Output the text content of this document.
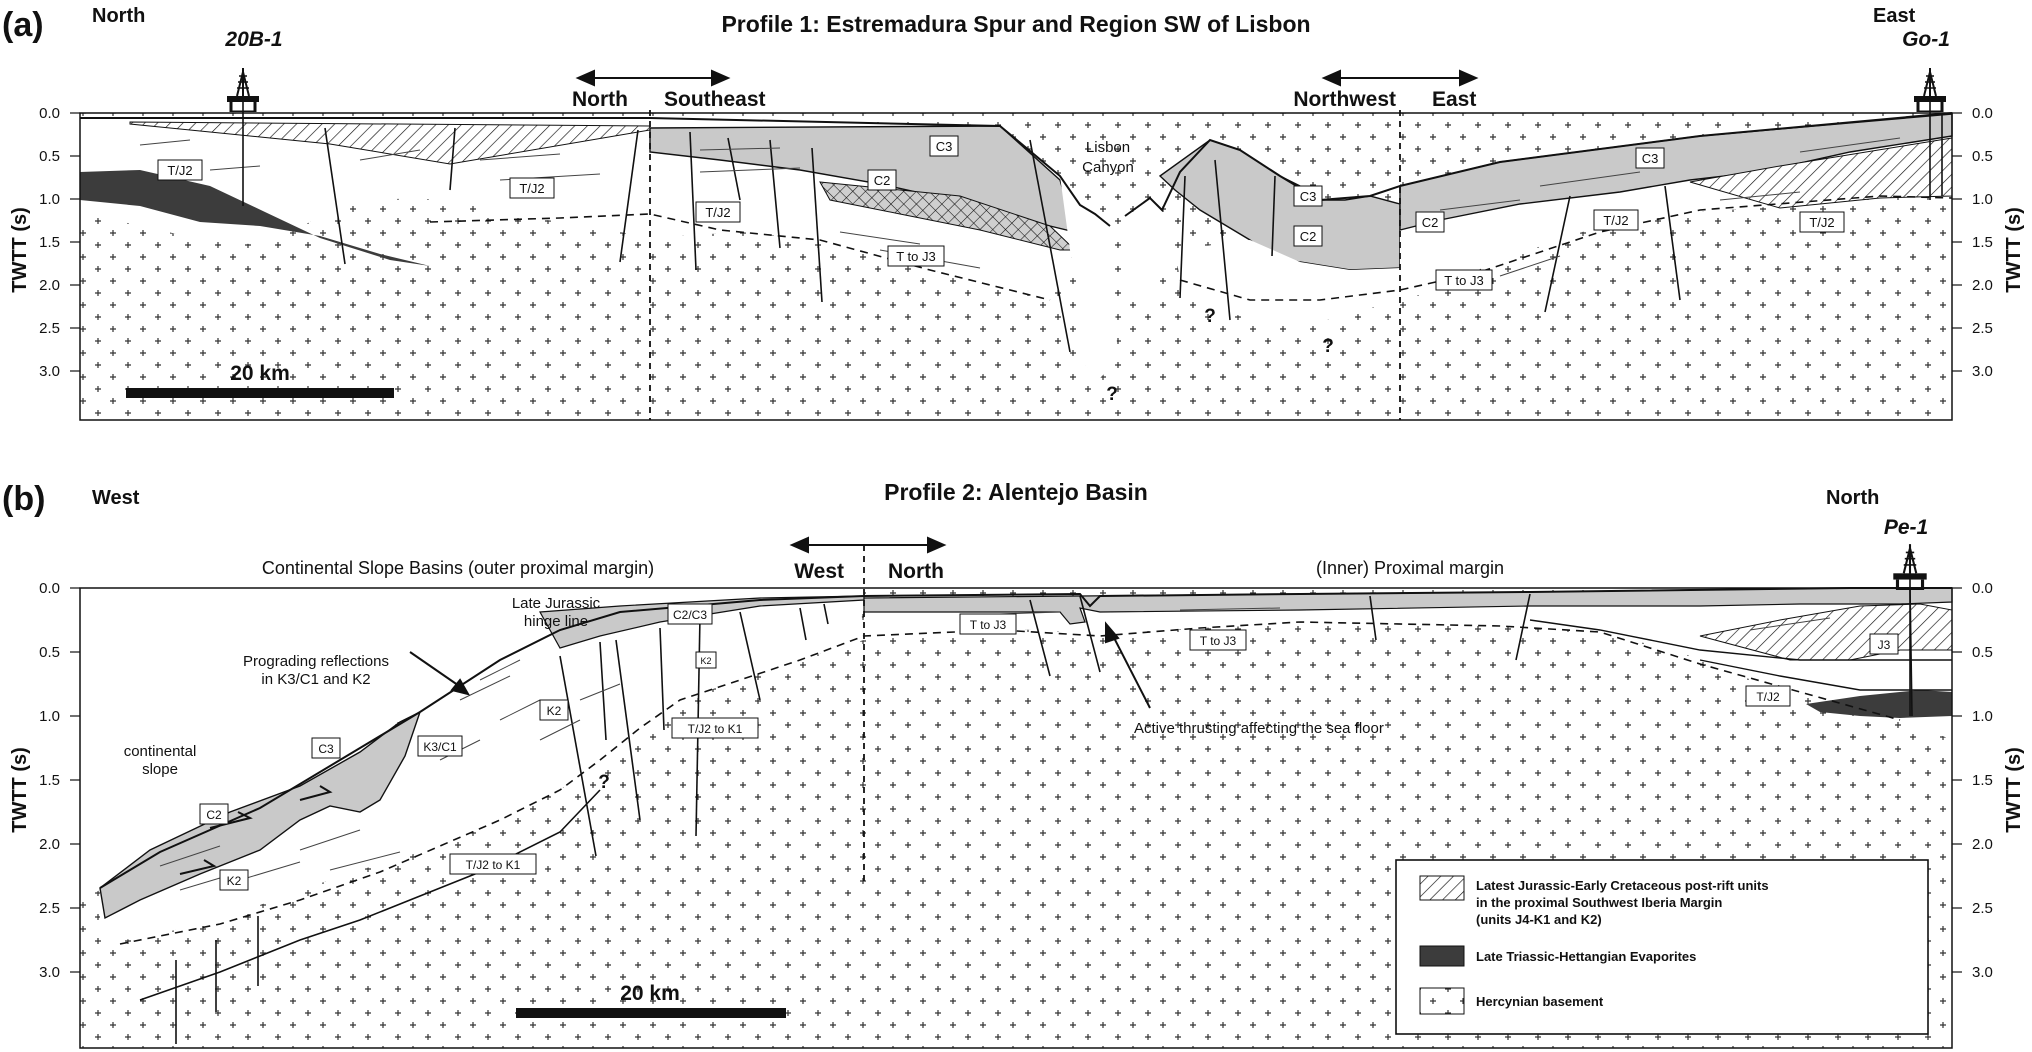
(a)	Profile 1: Estremadura Spur and Region SW of Lisbon
North	East
20B-1	Go-1
North Southeast	Northwest East
Lisbon
Canyon
20 km
?
?
?
T/J2
T/J2
T/J2
T to J3
C3
C2
C3
C2
C2
C3
T/J2	T/J2
T to J3
0.0
0.5
1.0
1.5
2.0
2.5
3.0
TWTT (s)
0.0
0.5
1.0
1.5
2.0
2.5
3.0
TWTT (s)
Latest Jurassic-Early Cretaceous post-rift units
in the proximal Southwest Iberia Margin
(units J4-K1 and K2)
Late Triassic-Hettangian Evaporites
Hercynian basement
(b)	Profile 2: Alentejo Basin
West	North
Pe-1
West North
Continental Slope Basins (outer proximal margin)	(Inner) Proximal margin
Late Jurassic
hinge line
Prograding reflections
in K3/C1 and K2
continental
slope
Active thrusting affecting the sea floor
20 km
?
C2/C3
K2
K2
K3/C1
C3
C2
K2
T/J2 to K1
T/J2 to K1
T to J3
T to J3	J3
T/J2
0.0
0.5
1.0
1.5
2.0
2.5
3.0
TWTT (s)
0.0
0.5
1.0
1.5
2.0
2.5
3.0
TWTT (s)
